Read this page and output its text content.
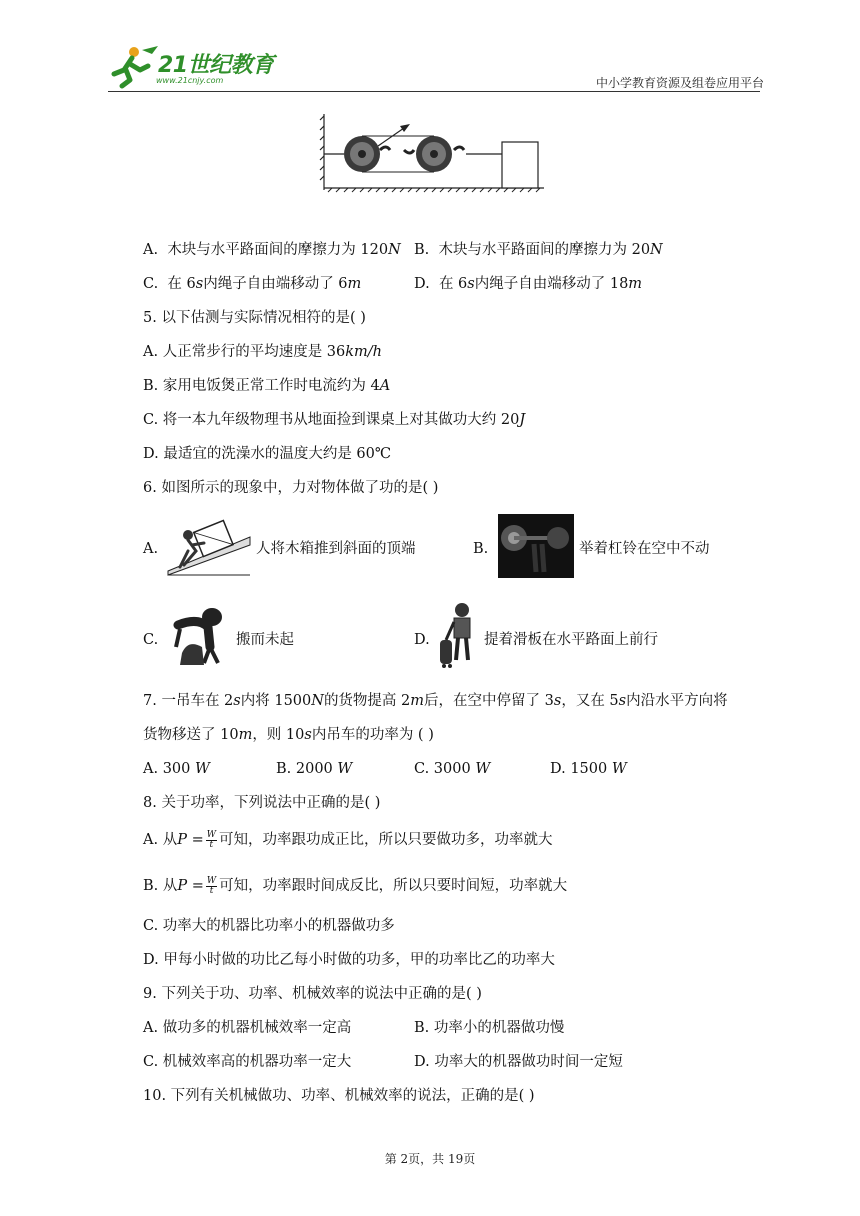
21世纪教育
www.21cnjy.com	中小学教育资源及组卷应用平台
A. 木块与水平路面间的摩擦力为 120N B. 木块与水平路面间的摩擦力为 20N
C. 在 6s内绳子自由端移动了 6m	D. 在 6s内绳子自由端移动了 18m
5. 以下估测与实际情况相符的是( )
A. 人正常步行的平均速度是 36km/h
B. 家用电饭煲正常工作时电流约为 4A
C. 将一本九年级物理书从地面捡到课桌上对其做功大约 20J
D. 最适宜的洗澡水的温度大约是 60℃
6. 如图所示的现象中，力对物体做了功的是( )
A.	人将木箱推到斜面的顶端	B.	举着杠铃在空中不动
C.	搬而未起	D.	提着滑板在水平路面上前行
7. 一吊车在 2s内将 1500N的货物提高 2m后，在空中停留了 3s，又在 5s内沿水平方向将
货物移送了 10m，则 10s内吊车的功率为 ( )
A. 300 W	B. 2000 W	C. 3000 W	D. 1500 W
8. 关于功率，下列说法中正确的是( )
A. 从$P = \frac{W}{t}$ 可知，功率跟功成正比，所以只要做功多，功率就大
B. 从$P = \frac{W}{t}$ 可知，功率跟时间成反比，所以只要时间短，功率就大
C. 功率大的机器比功率小的机器做功多
D. 甲每小时做的功比乙每小时做的功多，甲的功率比乙的功率大
9. 下列关于功、功率、机械效率的说法中正确的是( )
A. 做功多的机器机械效率一定高	B. 功率小的机器做功慢
C. 机械效率高的机器功率一定大	D. 功率大的机器做功时间一定短
10. 下列有关机械做功、功率、机械效率的说法，正确的是( )
第 2页，共 19页
